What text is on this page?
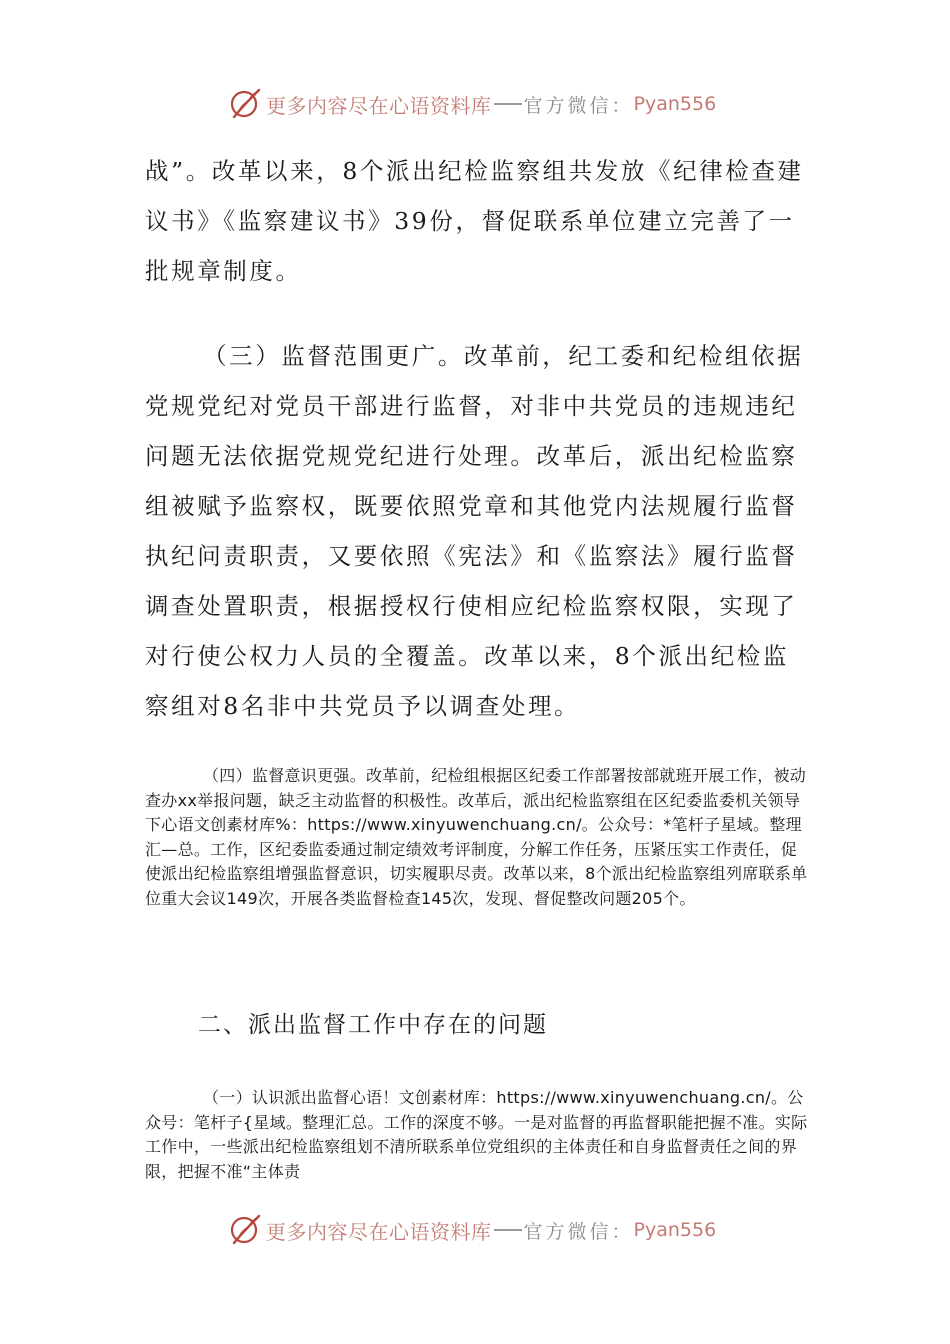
更多内容尽在心语资料库 官方微信： Pyan556

战”。改革以来，8个派出纪检监察组共发放《纪律检查建议书》《监察建议书》39份，督促联系单位建立完善了一批规章制度。

（三）监督范围更广。改革前，纪工委和纪检组依据党规党纪对党员干部进行监督，对非中共党员的违规违纪问题无法依据党规党纪进行处理。改革后，派出纪检监察组被赋予监察权，既要依照党章和其他党内法规履行监督执纪问责职责，又要依照《宪法》和《监察法》履行监督调查处置职责，根据授权行使相应纪检监察权限，实现了对行使公权力人员的全覆盖。改革以来，8个派出纪检监察组对8名非中共党员予以调查处理。

（四）监督意识更强。改革前，纪检组根据区纪委工作部署按部就班开展工作，被动查办xx举报问题，缺乏主动监督的积极性。改革后，派出纪检监察组在区纪委监委机关领导下心语文创素材库%：https://www.xinyuwenchuang.cn/。公众号：*笔杆子星域。整理汇—总。工作，区纪委监委通过制定绩效考评制度，分解工作任务，压紧压实工作责任，促使派出纪检监察组增强监督意识，切实履职尽责。改革以来，8个派出纪检监察组列席联系单位重大会议149次，开展各类监督检查145次，发现、督促整改问题205个。

二、派出监督工作中存在的问题

（一）认识派出监督心语！文创素材库：https://www.xinyuwenchuang.cn/。公众号：笔杆子{星域。整理汇总。工作的深度不够。一是对监督的再监督职能把握不准。实际工作中，一些派出纪检监察组划不清所联系单位党组织的主体责任和自身监督责任之间的界限，把握不准“主体责

更多内容尽在心语资料库 官方微信： Pyan556
